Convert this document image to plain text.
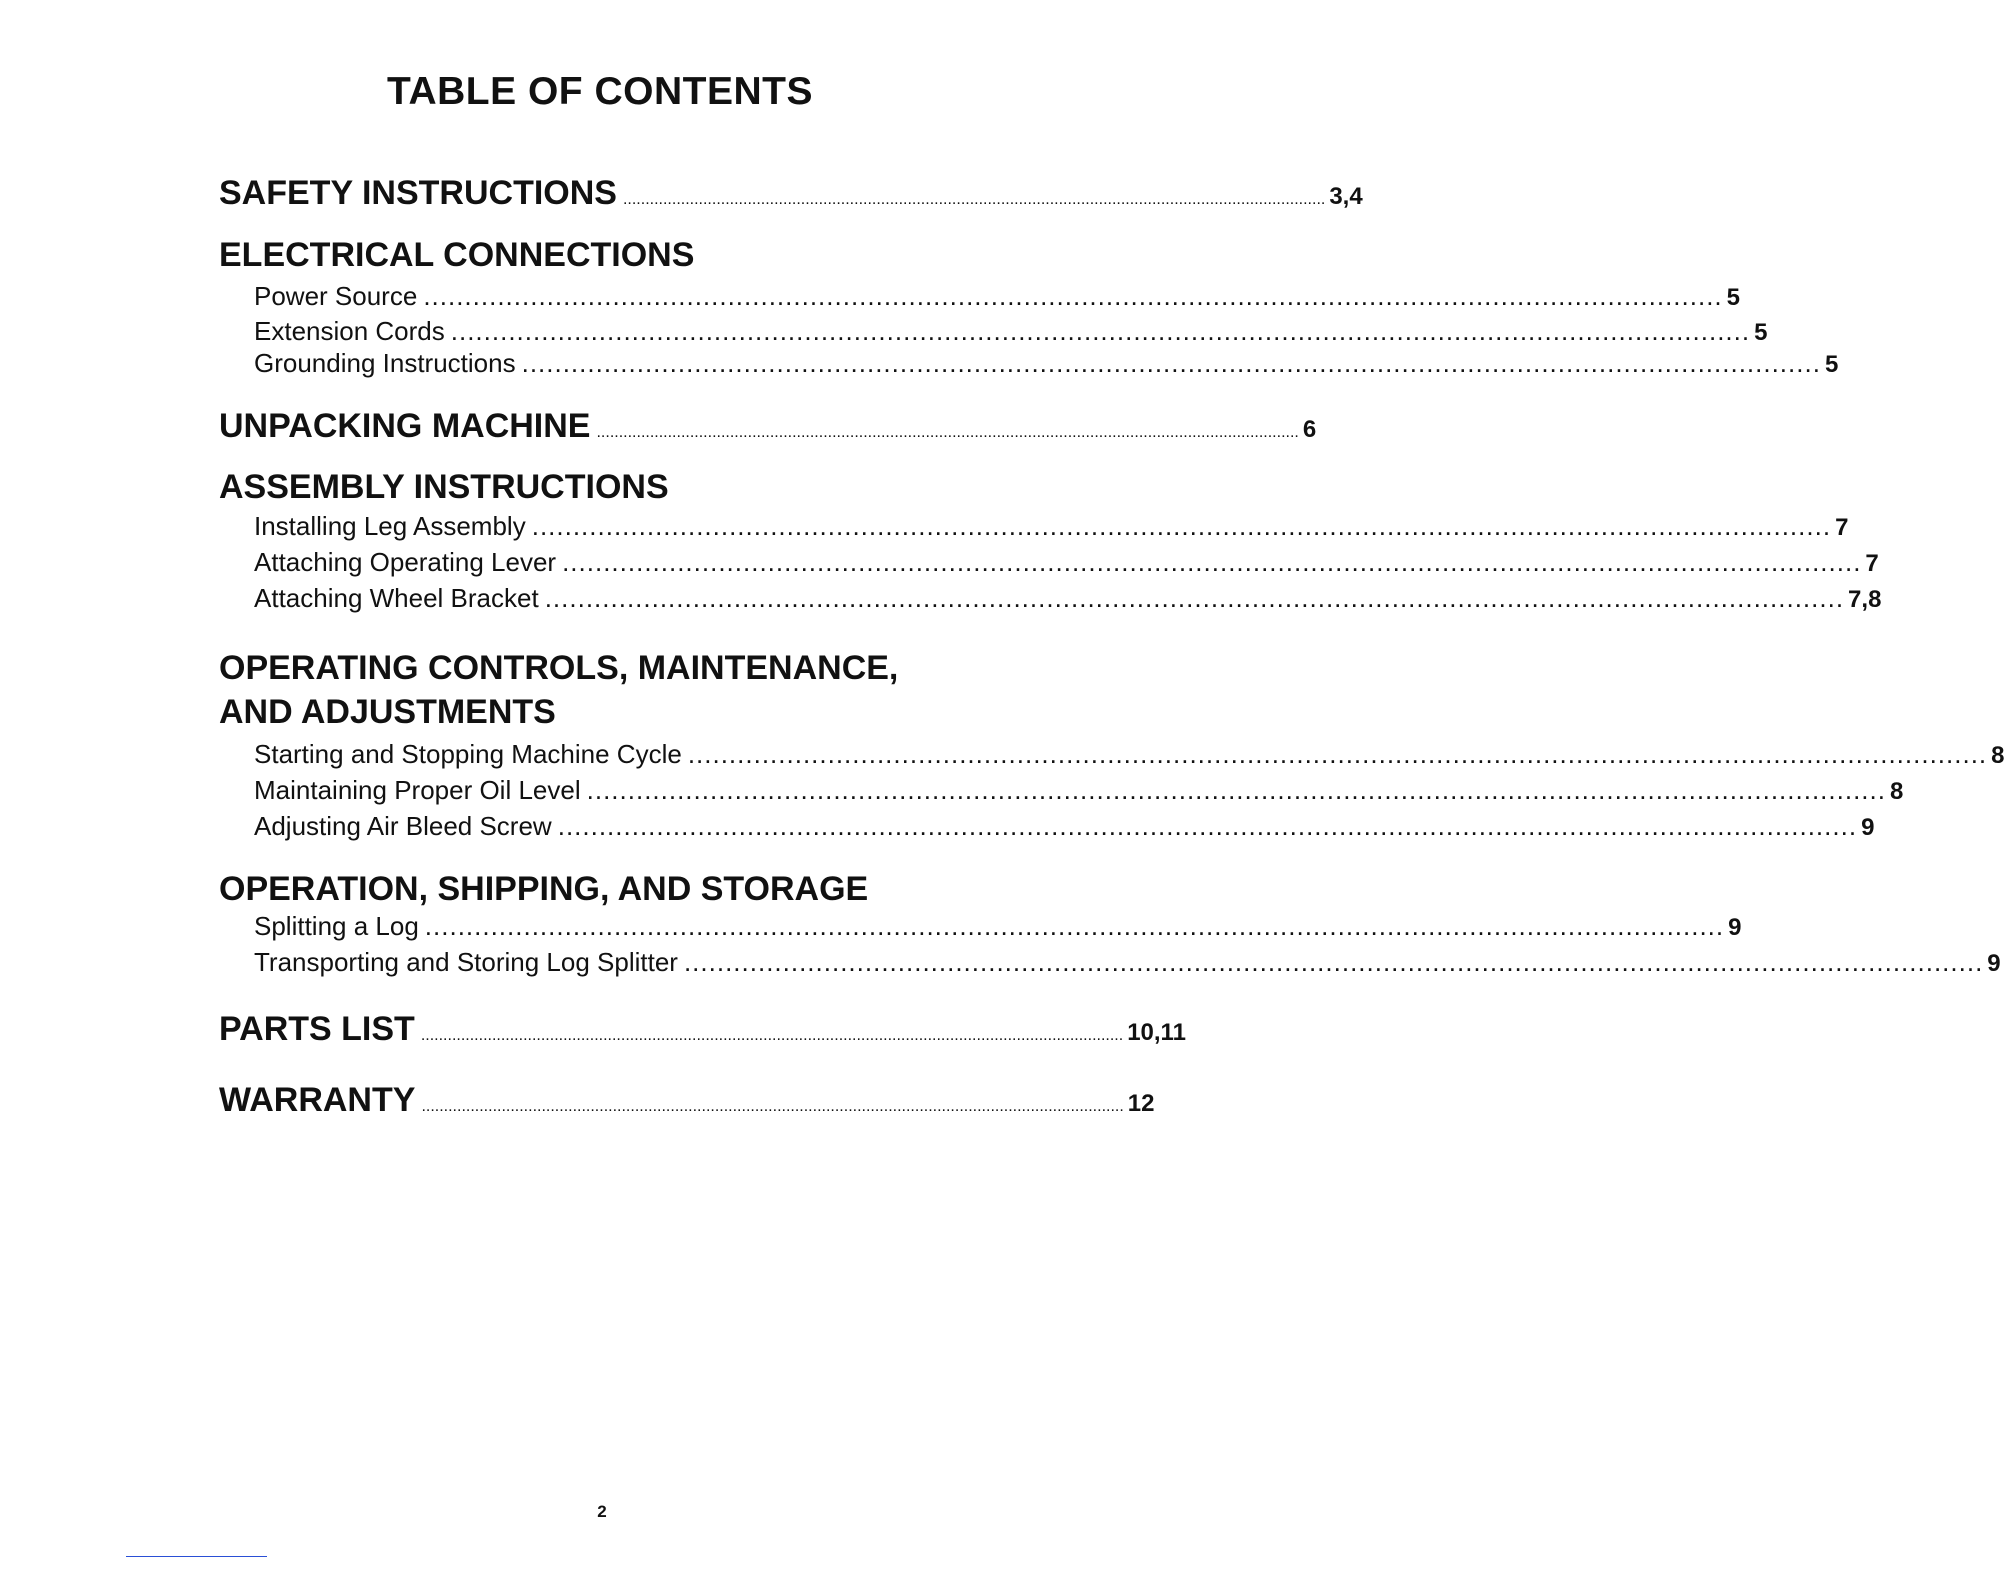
TABLE OF CONTENTS
SAFETY INSTRUCTIONS .............................................................................................................................................................. 3,4
ELECTRICAL CONNECTIONS
Power Source .............................................................................................................................................................. 5
Extension Cords .............................................................................................................................................................. 5
Grounding Instructions .............................................................................................................................................................. 5
UNPACKING MACHINE .............................................................................................................................................................. 6
ASSEMBLY INSTRUCTIONS
Installing Leg Assembly .............................................................................................................................................................. 7
Attaching Operating Lever .............................................................................................................................................................. 7
Attaching Wheel Bracket .............................................................................................................................................................. 7,8
OPERATING CONTROLS, MAINTENANCE,
AND ADJUSTMENTS
Starting and Stopping Machine Cycle .............................................................................................................................................................. 8
Maintaining Proper Oil Level .............................................................................................................................................................. 8
Adjusting Air Bleed Screw .............................................................................................................................................................. 9
OPERATION, SHIPPING, AND STORAGE
Splitting a Log .............................................................................................................................................................. 9
Transporting and Storing Log Splitter .............................................................................................................................................................. 9
PARTS LIST .............................................................................................................................................................. 10,11
WARRANTY .............................................................................................................................................................. 12
2
